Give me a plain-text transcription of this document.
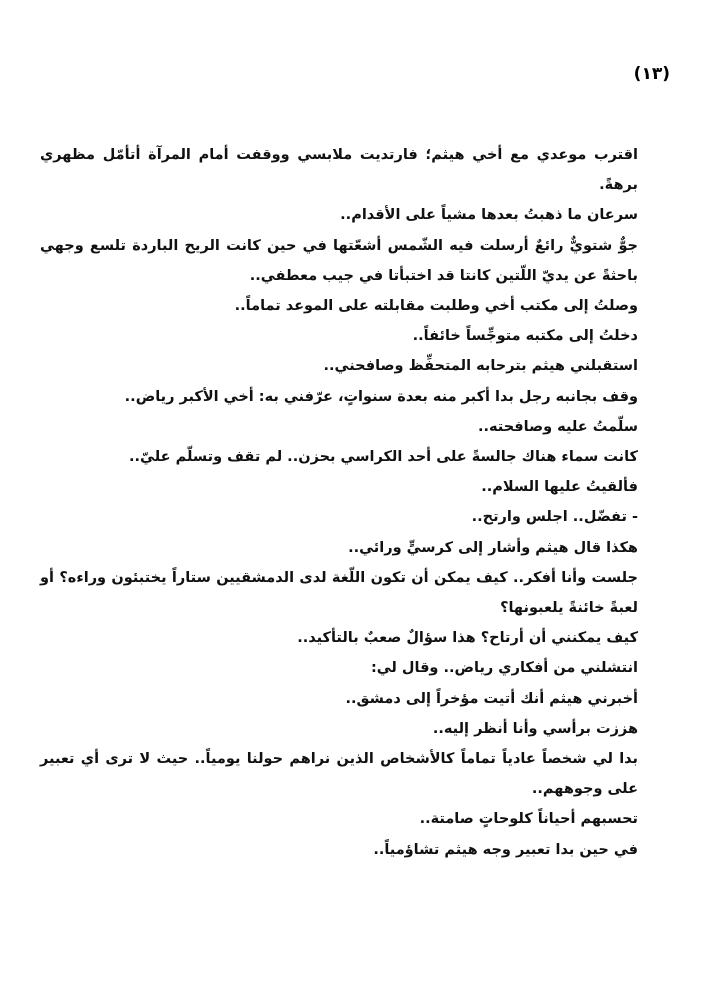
(١٣)

اقترب موعدي مع أخي هيثم؛ فارتديت ملابسي ووقفت أمام المرآة أتأمّل مظهري برهةً.

سرعان ما ذهبتُ بعدها مشياً على الأقدام..

جوٌّ شتويٌّ رائعٌ أرسلت فيه الشّمس أشعّتها في حين كانت الريح الباردة تلسع وجهي باحثةً عن يديّ اللّتين كانتا قد اختبأتا في جيب معطفي..

وصلتُ إلى مكتب أخي وطلبت مقابلته على الموعد تماماً..

دخلتُ إلى مكتبه متوجِّساً خائفاً..

استقبلني هيثم بترحابه المتحفِّظ وصافحني..

وقف بجانبه رجل بدا أكبر منه بعدة سنواتٍ، عرّفني به: أخي الأكبر رياض..

سلّمتُ عليه وصافحته..

كانت سماء هناك جالسةً على أحد الكراسي بحزن.. لم تقف وتسلّم عليّ..

فألقيتُ عليها السلام..

- تفضّل.. اجلس وارتح..

هكذا قال هيثم وأشار إلى كرسيٍّ ورائي..

جلست وأنا أفكر.. كيف يمكن أن تكون اللّغة لدى الدمشقيين ستاراً يختبئون وراءه؟ أو لعبةً خائنةً يلعبونها؟

كيف يمكنني أن أرتاح؟ هذا سؤالٌ صعبٌ بالتأكيد..

انتشلني من أفكاري رياض.. وقال لي:

أخبرني هيثم أنك أتيت مؤخراً إلى دمشق..

هززت برأسي وأنا أنظر إليه..

بدا لي شخصاً عادياً تماماً كالأشخاص الذين نراهم حولنا يومياً.. حيث لا ترى أي تعبير على وجوههم..

تحسبهم أحياناً كلوحاتٍ صامتة..

في حين بدا تعبير وجه هيثم تشاؤمياً..
